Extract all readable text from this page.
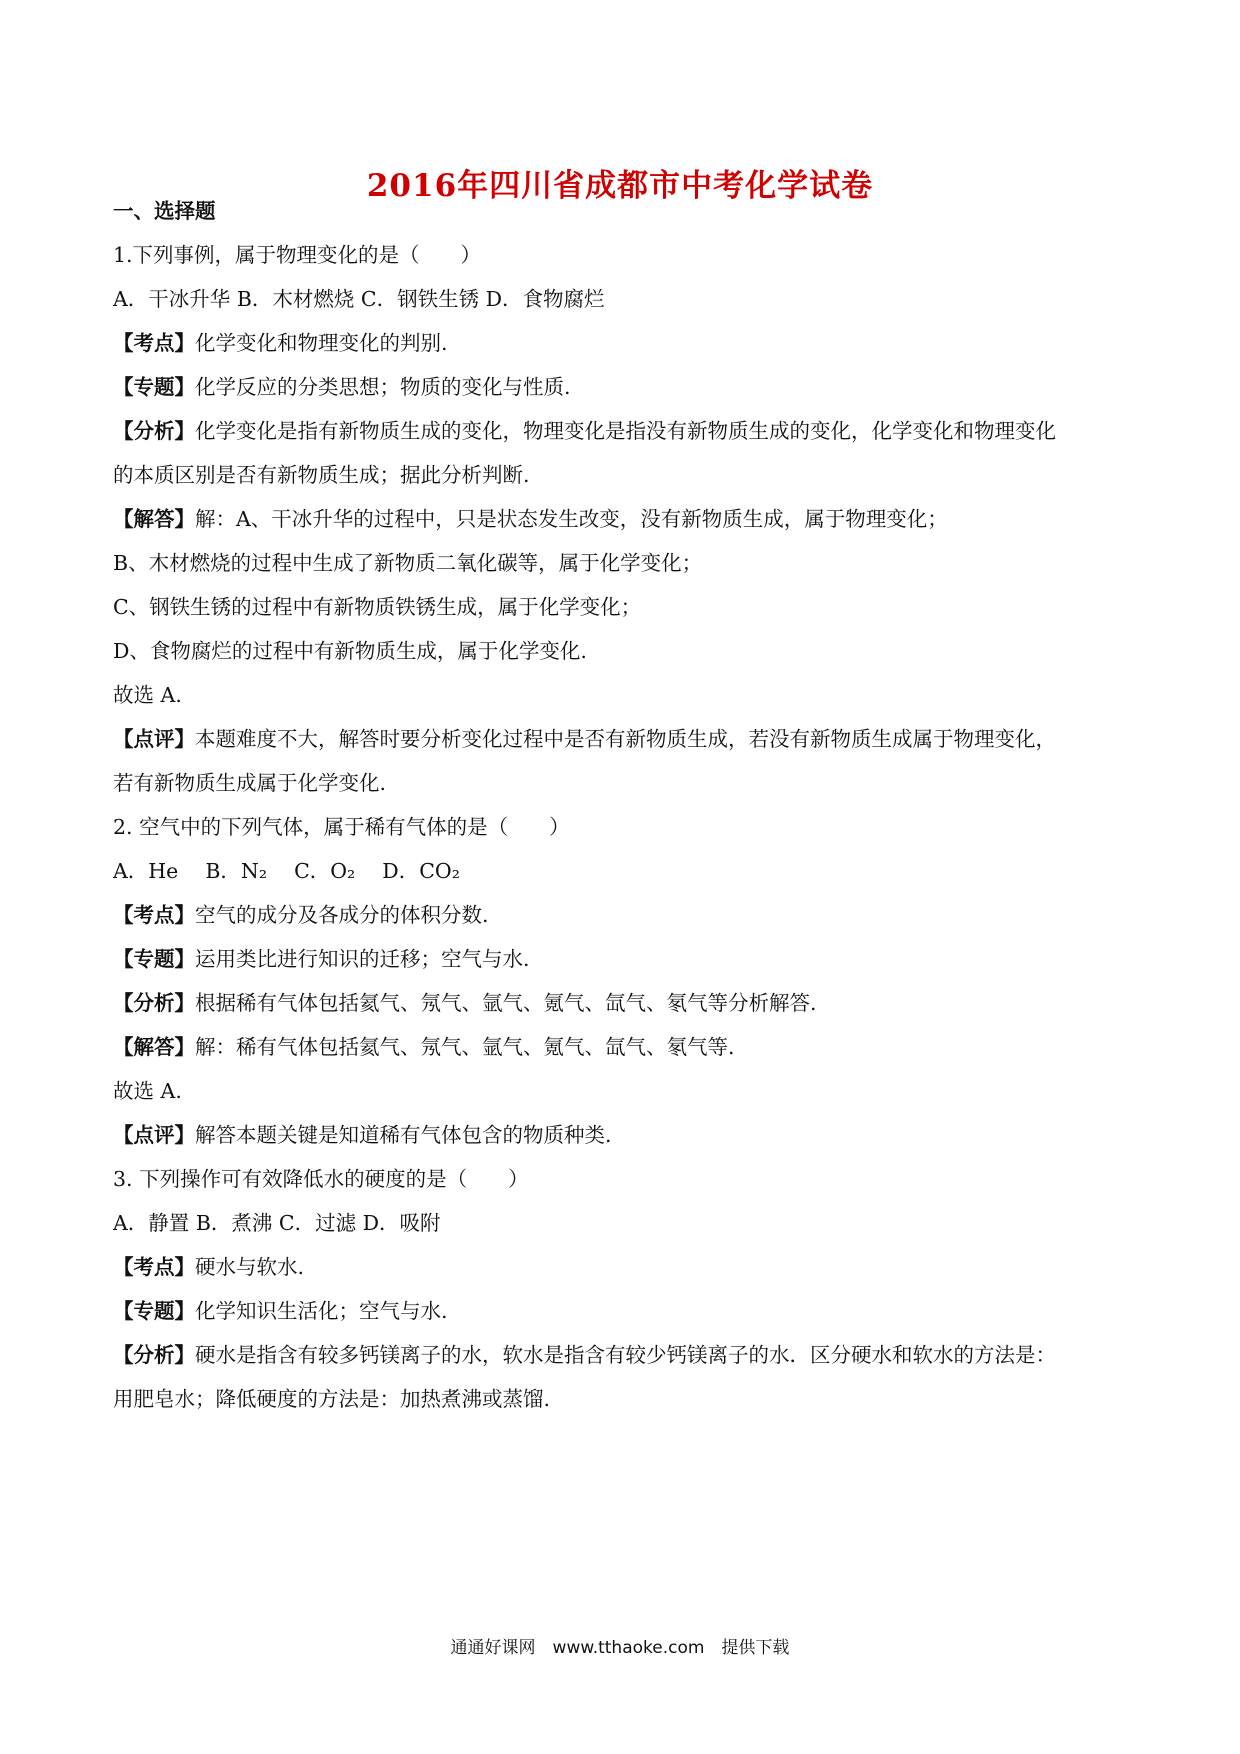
2016年四川省成都市中考化学试卷
一、选择题
1.下列事例，属于物理变化的是（　　）
A．干冰升华 B．木材燃烧 C．钢铁生锈 D．食物腐烂
【考点】化学变化和物理变化的判别.
【专题】化学反应的分类思想；物质的变化与性质.
【分析】化学变化是指有新物质生成的变化，物理变化是指没有新物质生成的变化，化学变化和物理变化
的本质区别是否有新物质生成；据此分析判断.
【解答】解：A、干冰升华的过程中，只是状态发生改变，没有新物质生成，属于物理变化；
B、木材燃烧的过程中生成了新物质二氧化碳等，属于化学变化；
C、钢铁生锈的过程中有新物质铁锈生成，属于化学变化；
D、食物腐烂的过程中有新物质生成，属于化学变化.
故选 A.
【点评】本题难度不大，解答时要分析变化过程中是否有新物质生成，若没有新物质生成属于物理变化，
若有新物质生成属于化学变化.
2. 空气中的下列气体，属于稀有气体的是（　　）
A．He　 B．N₂　 C．O₂　 D．CO₂
【考点】空气的成分及各成分的体积分数.
【专题】运用类比进行知识的迁移；空气与水.
【分析】根据稀有气体包括氦气、氖气、氩气、氪气、氙气、氡气等分析解答.
【解答】解：稀有气体包括氦气、氖气、氩气、氪气、氙气、氡气等.
故选 A.
【点评】解答本题关键是知道稀有气体包含的物质种类.
3. 下列操作可有效降低水的硬度的是（　　）
A．静置 B．煮沸 C．过滤 D．吸附
【考点】硬水与软水.
【专题】化学知识生活化；空气与水.
【分析】硬水是指含有较多钙镁离子的水，软水是指含有较少钙镁离子的水．区分硬水和软水的方法是：
用肥皂水；降低硬度的方法是：加热煮沸或蒸馏.
通通好课网　www.tthaoke.com　提供下载
